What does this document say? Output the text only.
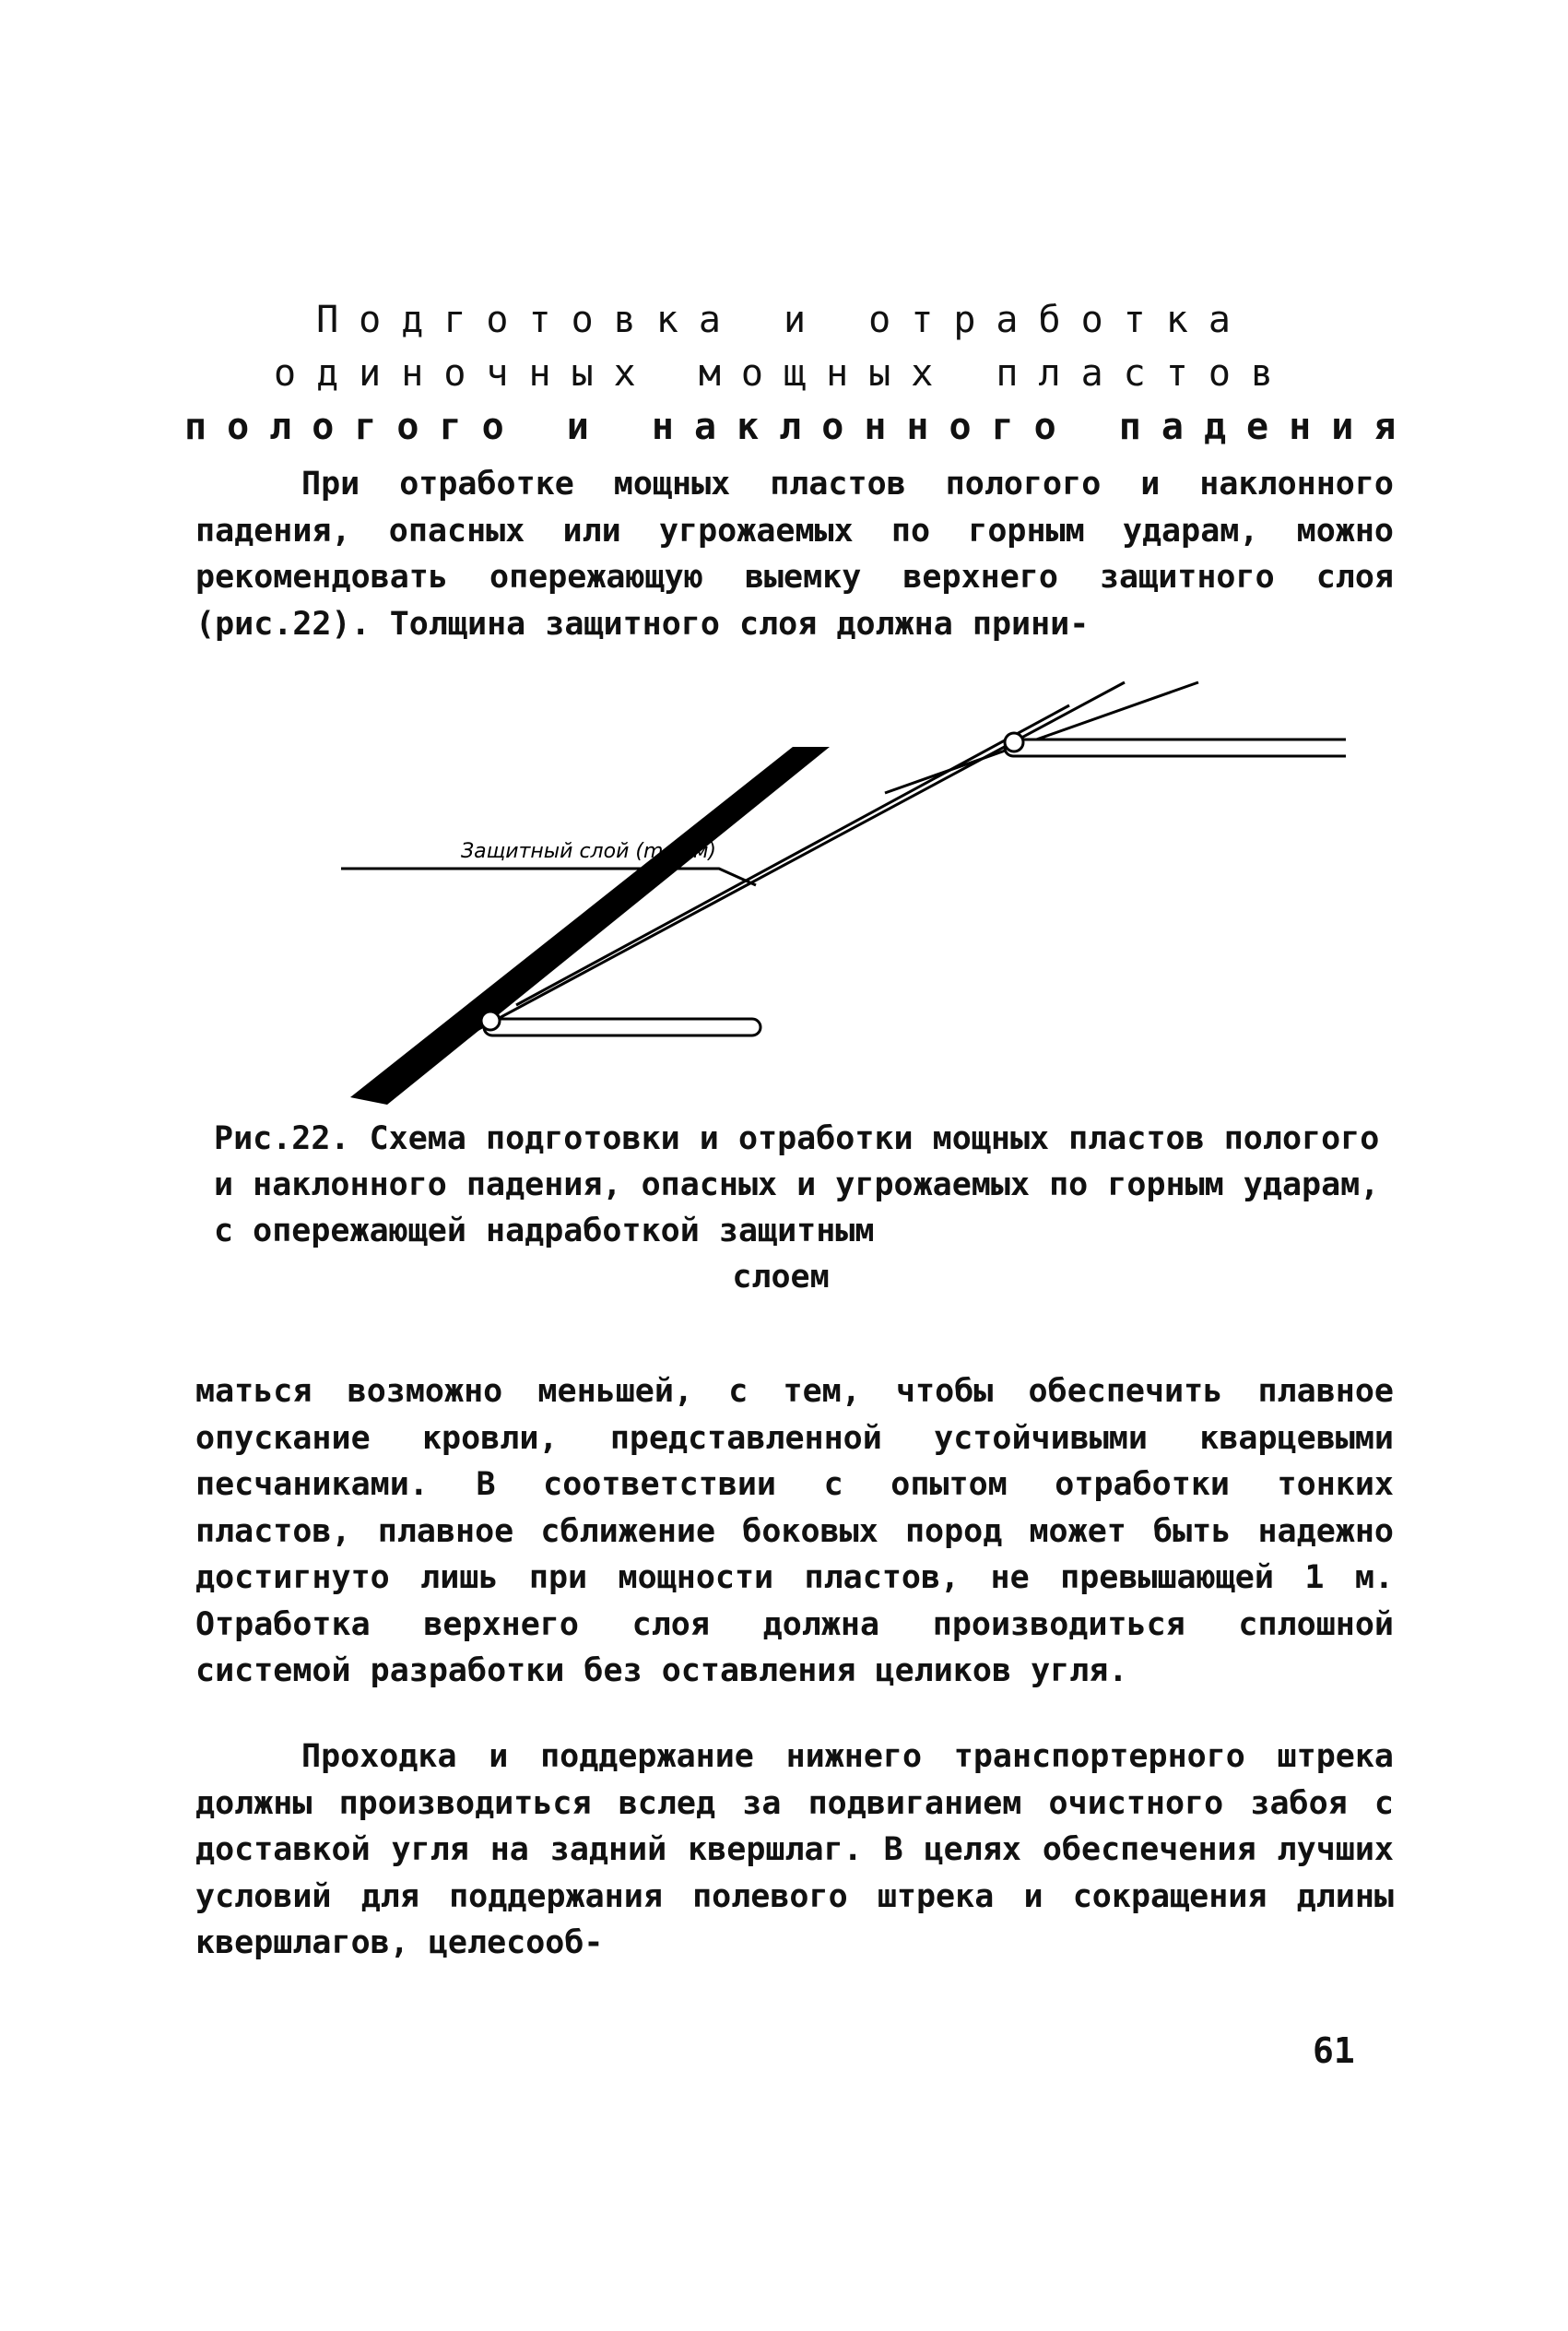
Подготовка и отработка
одиночных мощных пластов
пологого и наклонного падения

При отработке мощных пластов пологого и наклонного падения, опасных или угрожаемых по горным ударам, можно рекомендовать опережающую выемку верхнего защитного слоя (рис.22). Толщина защитного слоя должна прини-

Защитный слой (m≤1м)
Рис.22. Схема подготовки и отработки мощных пластов пологого и наклонного падения, опасных и угрожаемых по горным ударам, с опережающей надработкой защитным
слоем

маться возможно меньшей, с тем, чтобы обеспечить плавное опускание кровли, представленной устойчивыми кварцевыми песчаниками. В соответствии с опытом отработки тонких пластов, плавное сближение боковых пород может быть надежно достигнуто лишь при мощности пластов, не превышающей 1 м. Отработка верхнего слоя должна производиться сплошной системой разработки без оставления целиков угля.

Проходка и поддержание нижнего транспортерного штрека должны производиться вслед за подвиганием очистного забоя с доставкой угля на задний квершлаг. В целях обеспечения лучших условий для поддержания полевого штрека и сокращения длины квершлагов, целесооб-

61
